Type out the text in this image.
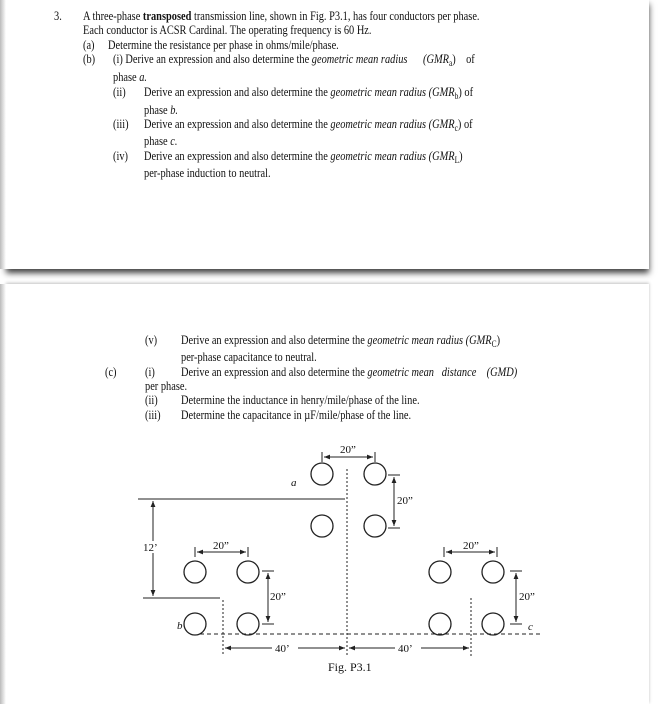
3. A three-phase transposed transmission line, shown in Fig. P3.1, has four conductors per phase.
Each conductor is ACSR Cardinal. The operating frequency is 60 Hz.
(a) Determine the resistance per phase in ohms/mile/phase.
(b) (i) Derive an expression and also determine the geometric mean radius $(GMR_a)$    of
phase a.
(ii) Derive an expression and also determine the geometric mean radius $(GMR_b)$ of
phase b.
(iii) Derive an expression and also determine the geometric mean radius $(GMR_c)$ of
phase c.
(iv) Derive an expression and also determine the geometric mean radius $(GMR_L)$
per-phase induction to neutral.
(v) Derive an expression and also determine the geometric mean radius $(GMR_C)$
per-phase capacitance to neutral.
(c) (i) Derive an expression and also determine the geometric mean   distance (GMD)
per phase.
(ii) Determine the inductance in henry/mile/phase of the line.
(iii) Determine the capacitance in µF/mile/phase of the line.
a
b	c
20”
20”
20”
20”
20”
20”
12’
40’	40’
Fig. P3.1
